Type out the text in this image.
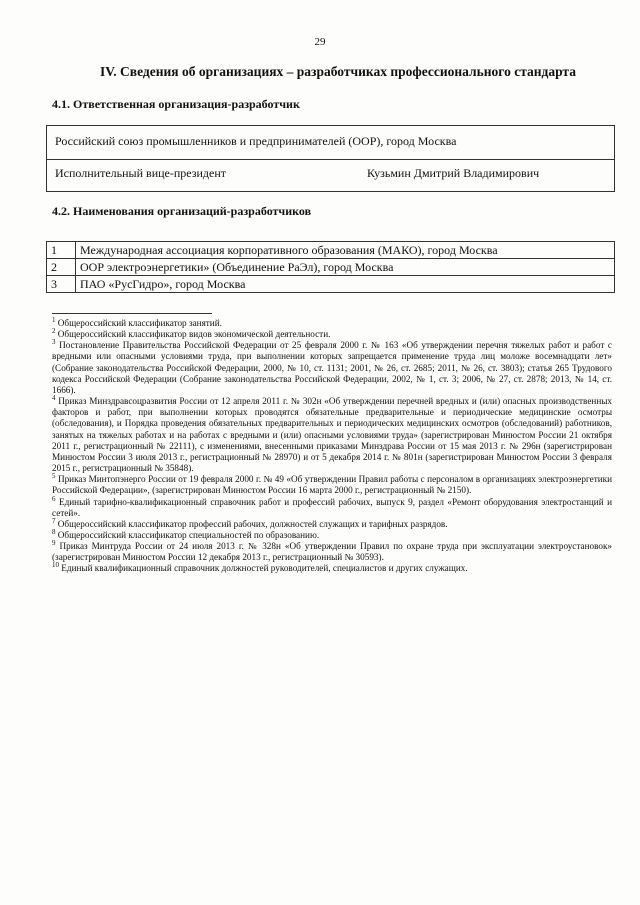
29
IV. Сведения об организациях – разработчиках профессионального стандарта
4.1. Ответственная организация-разработчик
Российский союз промышленников и предпринимателей (ООР), город Москва
Исполнительный вице-президент	Кузьмин Дмитрий Владимирович
4.2. Наименования организаций-разработчиков
1	Международная ассоциация корпоративного образования (МАКО), город Москва
2	ООР электроэнергетики» (Объединение РаЭл), город Москва
3	ПАО «РусГидро», город Москва

$^1$ Общероссийский классификатор занятий.

$^2$ Общероссийский классификатор видов экономической деятельности.

$^3$ Постановление Правительства Российской Федерации от 25 февраля 2000 г. № 163 «Об утверждении перечня тяжелых работ и работ с вредными или опасными условиями труда, при выполнении которых запрещается применение труда лиц моложе восемнадцати лет» (Собрание законодательства Российской Федерации, 2000, № 10, ст. 1131; 2001, № 26, ст. 2685; 2011, № 26, ст. 3803); статья 265 Трудового кодекса Российской Федерации (Собрание законодательства Российской Федерации, 2002, № 1, ст. 3; 2006, № 27, ст. 2878; 2013, № 14, ст. 1666).

$^4$ Приказ Минздравсоцразвития России от 12 апреля 2011 г. № 302н «Об утверждении перечней вредных и (или) опасных производственных факторов и работ, при выполнении которых проводятся обязательные предварительные и периодические медицинские осмотры (обследования), и Порядка проведения обязательных предварительных и периодических медицинских осмотров (обследований) работников, занятых на тяжелых работах и на работах с вредными и (или) опасными условиями труда» (зарегистрирован Минюстом России 21 октября 2011 г., регистрационный № 22111), с изменениями, внесенными приказами Минздрава России от 15 мая 2013 г. № 296н (зарегистрирован Минюстом России 3 июля 2013 г., регистрационный № 28970) и от 5 декабря 2014 г. № 801н (зарегистрирован Минюстом России 3 февраля 2015 г., регистрационный № 35848).

$^5$ Приказ Минтопэнерго России от 19 февраля 2000 г. № 49 «Об утверждении Правил работы с персоналом в организациях электроэнергетики Российской Федерации», (зарегистрирован Минюстом России 16 марта 2000 г., регистрационный № 2150).

$^6$ Единый тарифно-квалификационный справочник работ и профессий рабочих, выпуск 9, раздел «Ремонт оборудования электростанций и сетей».

$^7$ Общероссийский классификатор профессий рабочих, должностей служащих и тарифных разрядов.

$^8$ Общероссийский классификатор специальностей по образованию.

$^9$ Приказ Минтруда России от 24 июля 2013 г. № 328н «Об утверждении Правил по охране труда при эксплуатации электроустановок» (зарегистрирован Минюстом России 12 декабря 2013 г., регистрационный № 30593).

$^{10}$ Единый квалификационный справочник должностей руководителей, специалистов и других служащих.
